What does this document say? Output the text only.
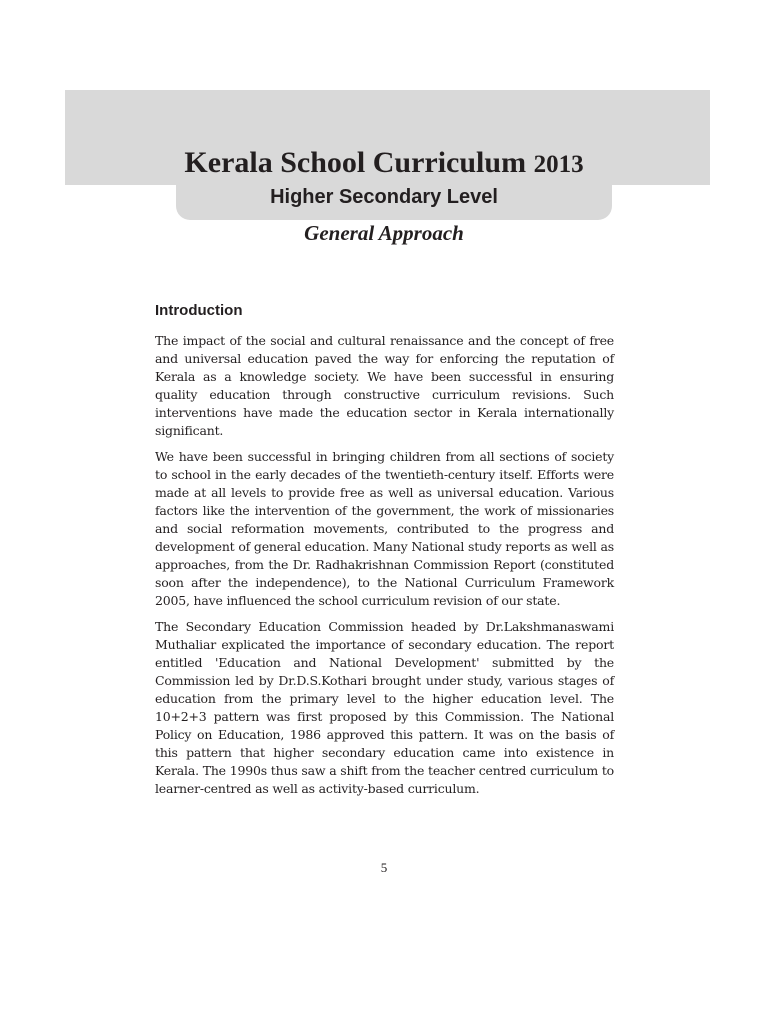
Kerala School Curriculum 2013
Higher Secondary Level
General Approach
Introduction

The impact of the social and cultural renaissance and the concept of free and universal education paved the way for enforcing the reputation of Kerala as a knowledge society. We have been successful in ensuring quality education through constructive curriculum revisions. Such interventions have made the education sector in Kerala internationally significant.

We have been successful in bringing children from all sections of society to school in the early decades of the twentieth-century itself. Efforts were made at all levels to provide free as well as universal education. Various factors like the intervention of the government, the work of missionaries and social reformation movements, contributed to the progress and development of general education. Many National study reports as well as approaches, from the Dr. Radhakrishnan Commission Report (constituted soon after the independence), to the National Curriculum Framework 2005, have influenced the school curriculum revision of our state.

The Secondary Education Commission headed by Dr.Lakshmanaswami Muthaliar explicated the importance of secondary education. The report entitled 'Education and National Development' submitted by the Commission led by Dr.D.S.Kothari brought under study, various stages of education from the primary level to the higher education level. The 10+2+3 pattern was first proposed by this Commission. The National Policy on Education, 1986 approved this pattern. It was on the basis of this pattern that higher secondary education came into existence in Kerala. The 1990s thus saw a shift from the teacher centred curriculum to learner-centred as well as activity-based curriculum.

5
